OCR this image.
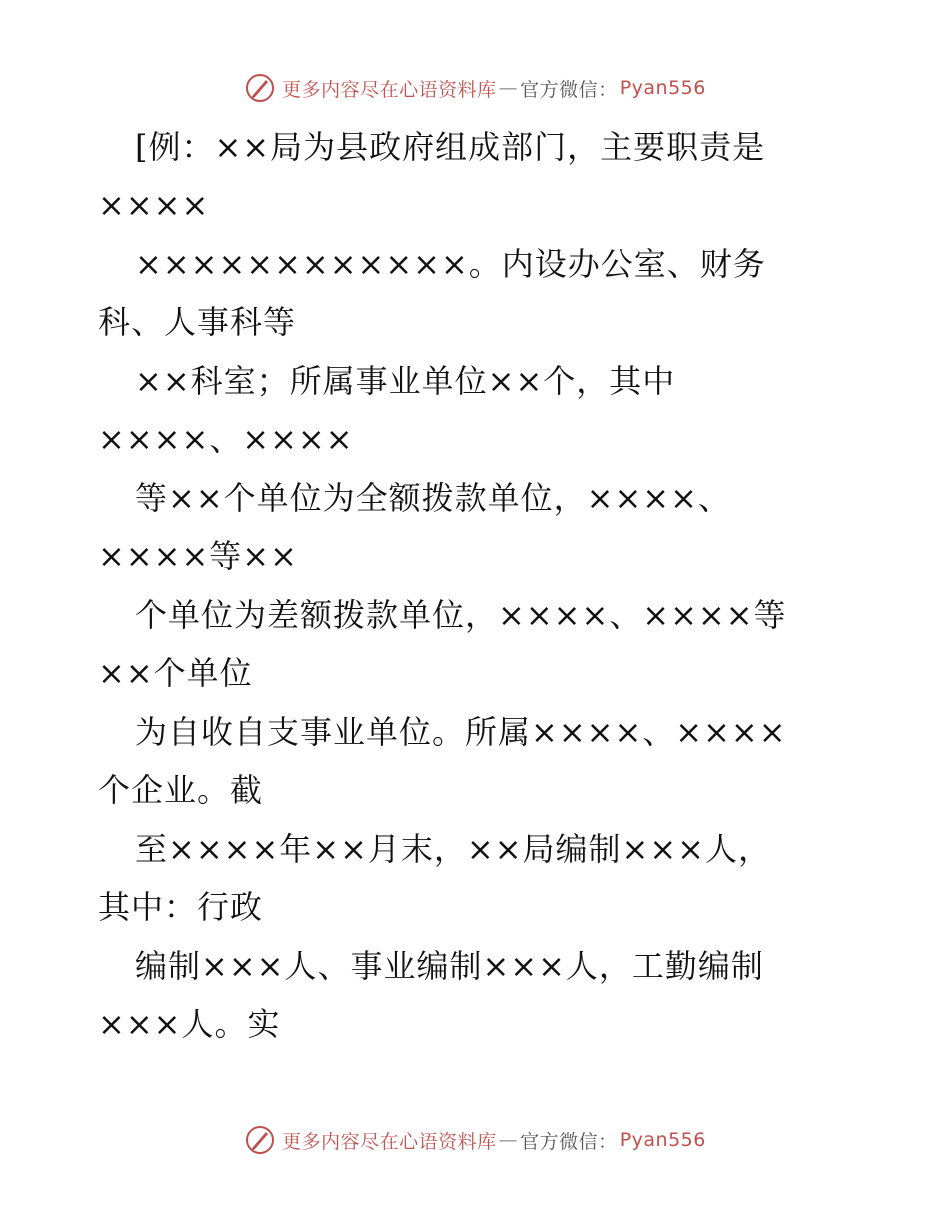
更多内容尽在心语资料库 — 官方微信： Pyan556
[例：××局为县政府组成部门，主要职责是
××××
××××××××××××。内设办公室、财务
科、人事科等
××科室；所属事业单位××个，其中
××××、××××
等××个单位为全额拨款单位，××××、
××××等××
个单位为差额拨款单位，××××、××××等
××个单位
为自收自支事业单位。所属××××、××××
个企业。截
至××××年××月末，××局编制×××人，
其中：行政
编制×××人、事业编制×××人，工勤编制
×××人。实
更多内容尽在心语资料库 — 官方微信： Pyan556
